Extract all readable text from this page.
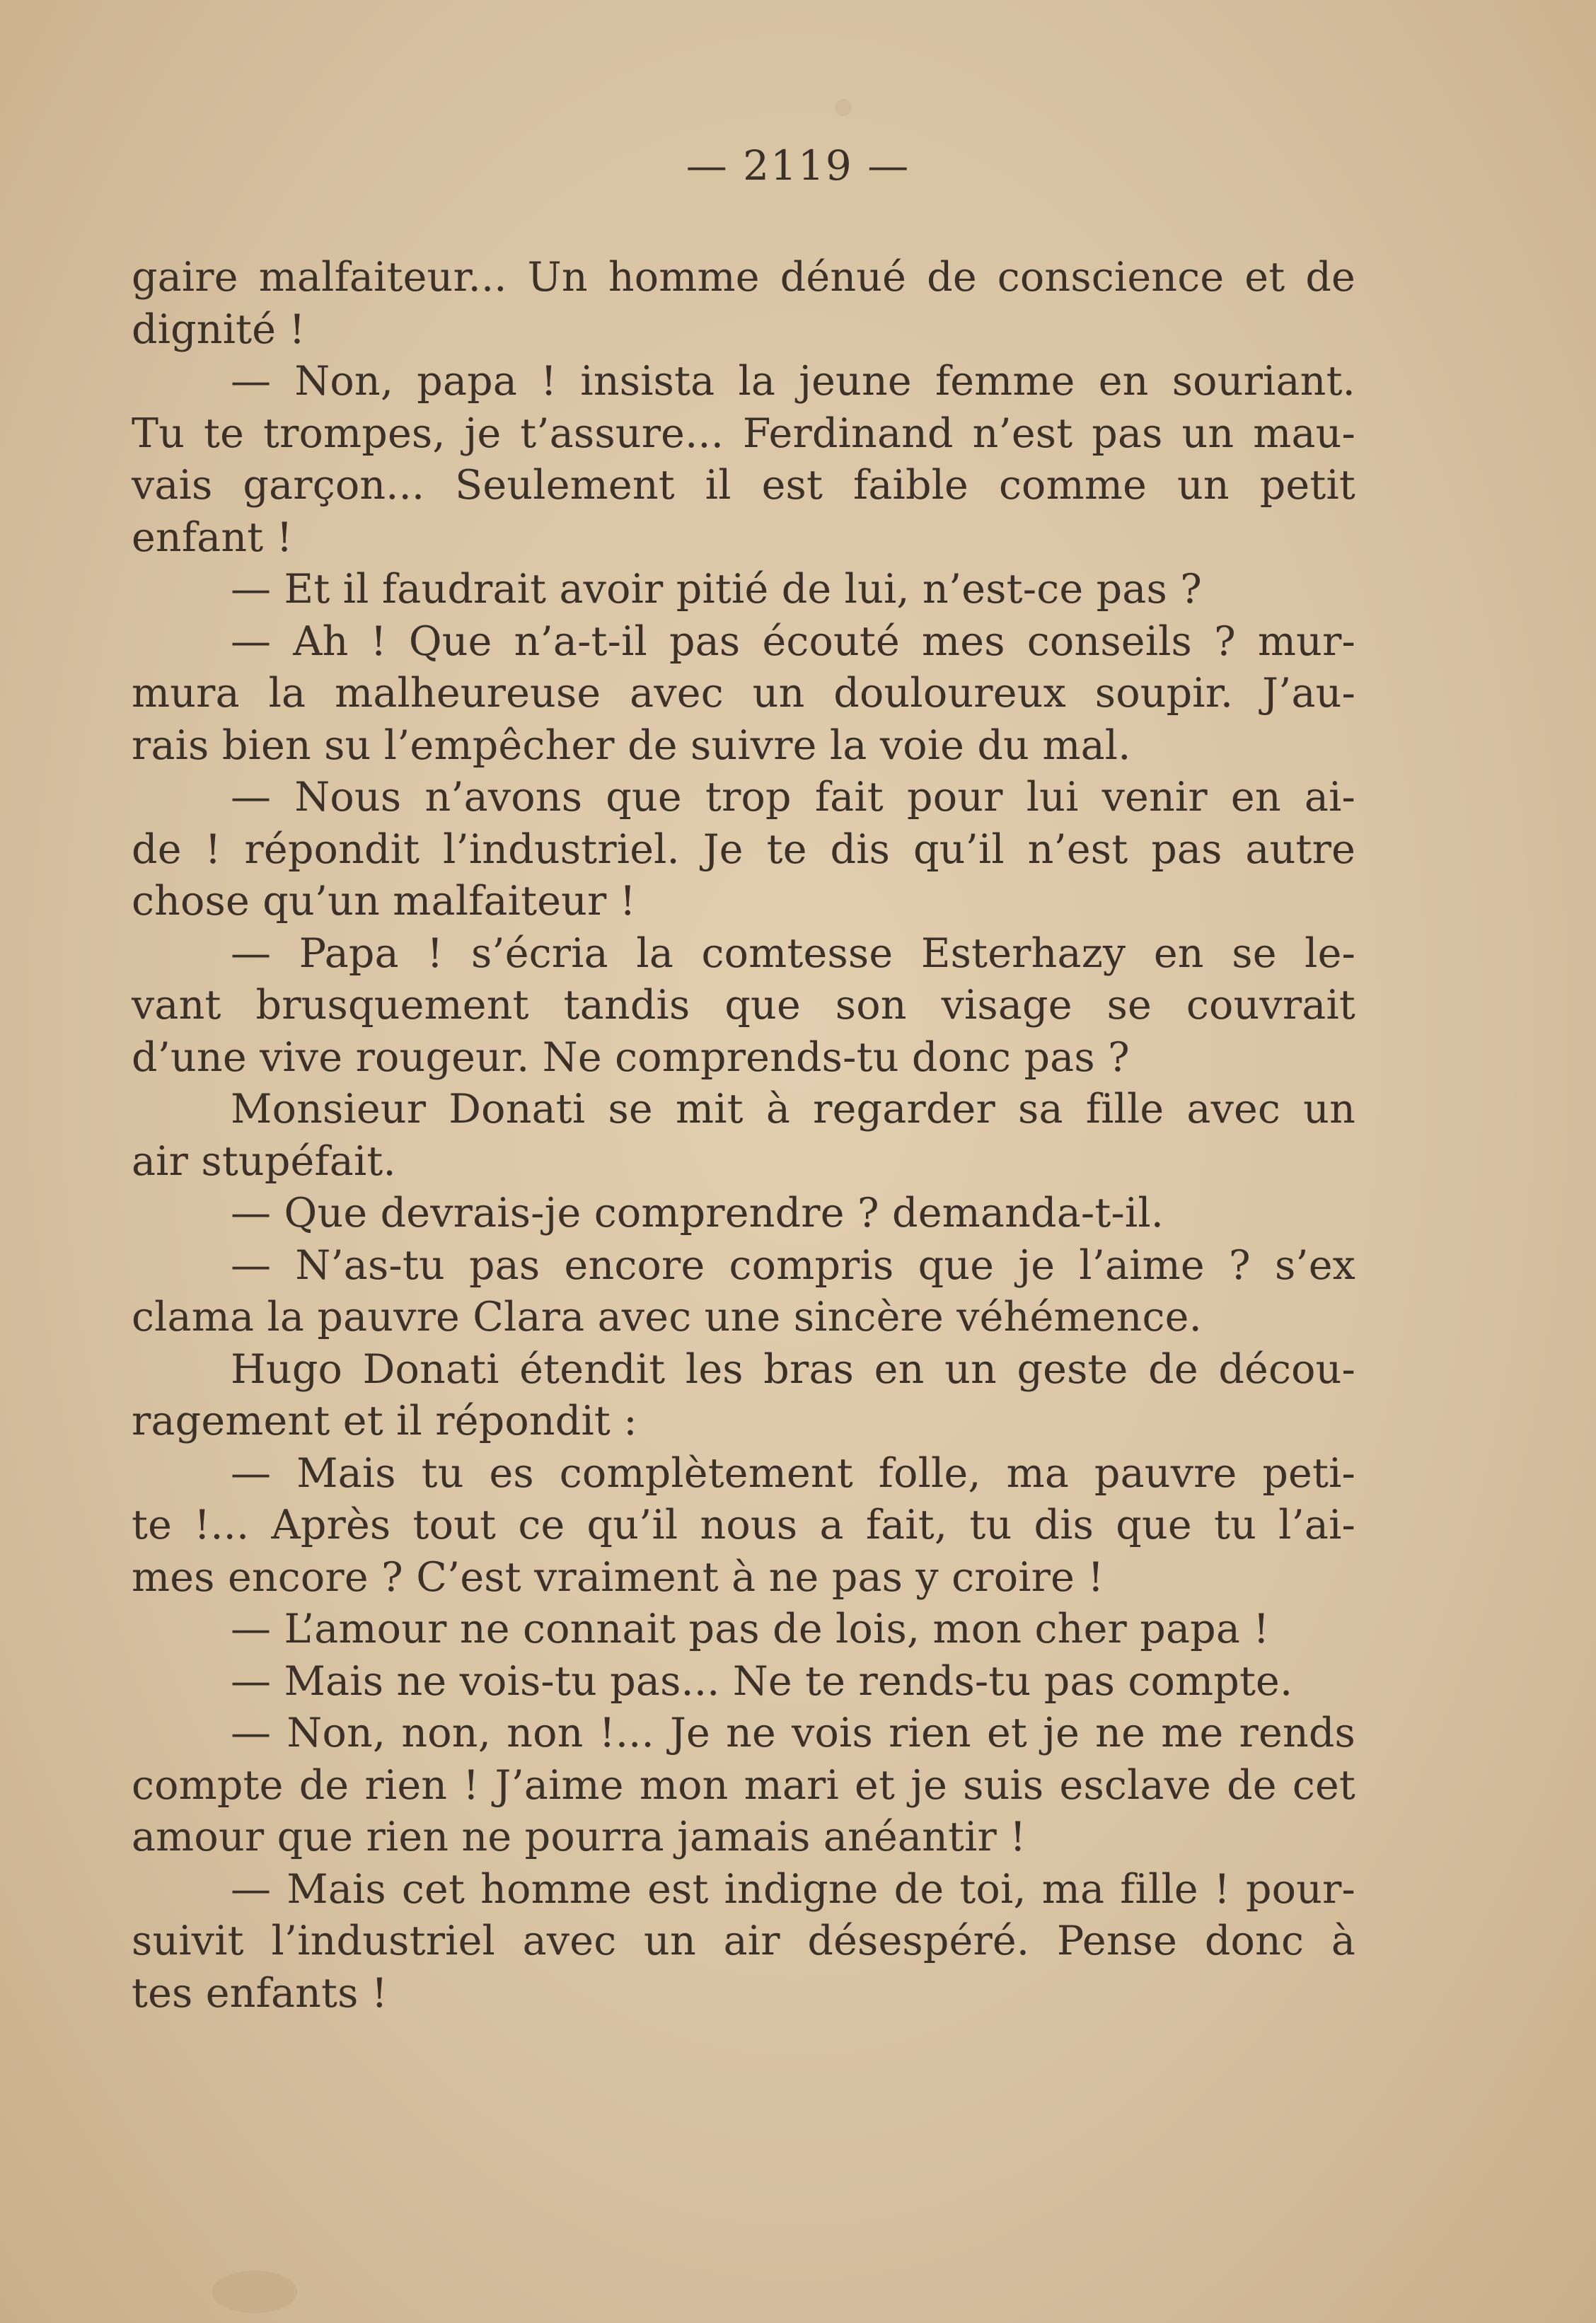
— 2119 —
gaire malfaiteur... Un homme dénué de conscience et de
dignité !
— Non, papa ! insista la jeune femme en souriant.
Tu te trompes, je t’assure... Ferdinand n’est pas un mau-
vais garçon... Seulement il est faible comme un petit
enfant !
— Et il faudrait avoir pitié de lui, n’est-ce pas ?
— Ah ! Que n’a-t-il pas écouté mes conseils ? mur-
mura la malheureuse avec un douloureux soupir. J’au-
rais bien su l’empêcher de suivre la voie du mal.
— Nous n’avons que trop fait pour lui venir en ai-
de ! répondit l’industriel. Je te dis qu’il n’est pas autre
chose qu’un malfaiteur !
— Papa ! s’écria la comtesse Esterhazy en se le-
vant brusquement tandis que son visage se couvrait
d’une vive rougeur. Ne comprends-tu donc pas ?
Monsieur Donati se mit à regarder sa fille avec un
air stupéfait.
— Que devrais-je comprendre ? demanda-t-il.
— N’as-tu pas encore compris que je l’aime ? s’ex
clama la pauvre Clara avec une sincère véhémence.
Hugo Donati étendit les bras en un geste de décou-
ragement et il répondit :
— Mais tu es complètement folle, ma pauvre peti-
te !... Après tout ce qu’il nous a fait, tu dis que tu l’ai-
mes encore ? C’est vraiment à ne pas y croire !
— L’amour ne connait pas de lois, mon cher papa !
— Mais ne vois-tu pas... Ne te rends-tu pas compte.
— Non, non, non !... Je ne vois rien et je ne me rends
compte de rien ! J’aime mon mari et je suis esclave de cet
amour que rien ne pourra jamais anéantir !
— Mais cet homme est indigne de toi, ma fille ! pour-
suivit l’industriel avec un air désespéré. Pense donc à
tes enfants !
